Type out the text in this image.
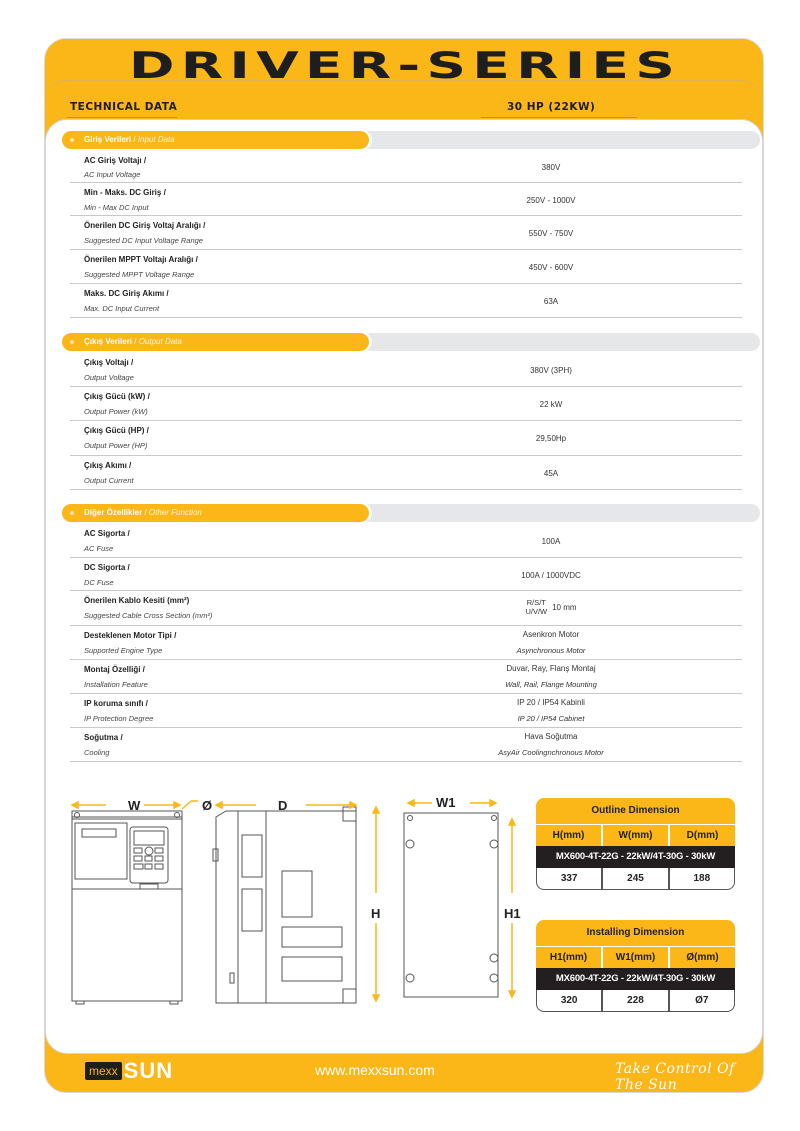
DRIVER-SERIES
TECHNICAL DATA	30 HP (22KW)
Giriş Verileri / Input Data
AC Giriş Voltajı /
AC Input Voltage
380V
Min - Maks. DC Giriş /
Min - Max DC Input
250V - 1000V
Önerilen DC Giriş Voltaj Aralığı /
Suggested DC Input Voltage Range
550V - 750V
Önerilen MPPT Voltajı Aralığı /
Suggested MPPT Voltage Range
450V - 600V
Maks. DC Giriş Akımı /
Max. DC Input Current
63A
Çıkış Verileri / Output Data
Çıkış Voltajı /
Output Voltage
380V (3PH)
Çıkış Gücü (kW) /
Output Power (kW)
22 kW
Çıkış Gücü (HP) /
Output Power (HP)
29,50Hp
Çıkış Akımı /
Output Current
45A
Diğer Özellikler / Other Function
AC Sigorta /
AC Fuse
100A
DC Sigorta /
DC Fuse
100A / 1000VDC
Önerilen Kablo Kesiti (mm²)
Suggested Cable Cross Section (mm²)
R/S/T
U/V/W 10 mm
Desteklenen Motor Tipi /
Supported Engine Type
Asenkron Motor
Asynchronous Motor
Montaj Özelliği /
Installation Feature
Duvar, Ray, Flanş Montaj
Wall, Rail, Flange Mounting
IP koruma sınıfı /
IP Protection Degree
IP 20 / IP54 Kabinli
IP 20 / IP54 Cabinet
Soğutma /
Cooling
Hava Soğutma
AsyAir Coolingnchronous Motor
W	Ø	D
H
W1
H1
Outline Dimension
H(mm)	W(mm)	D(mm)
MX600-4T-22G - 22kW/4T-30G - 30kW
337	245	188
Installing Dimension
H1(mm)	W1(mm)	Ø(mm)
MX600-4T-22G - 22kW/4T-30G - 30kW
320	228	Ø7
mexx SUN	www.mexxsun.com	Take Control Of The Sun
